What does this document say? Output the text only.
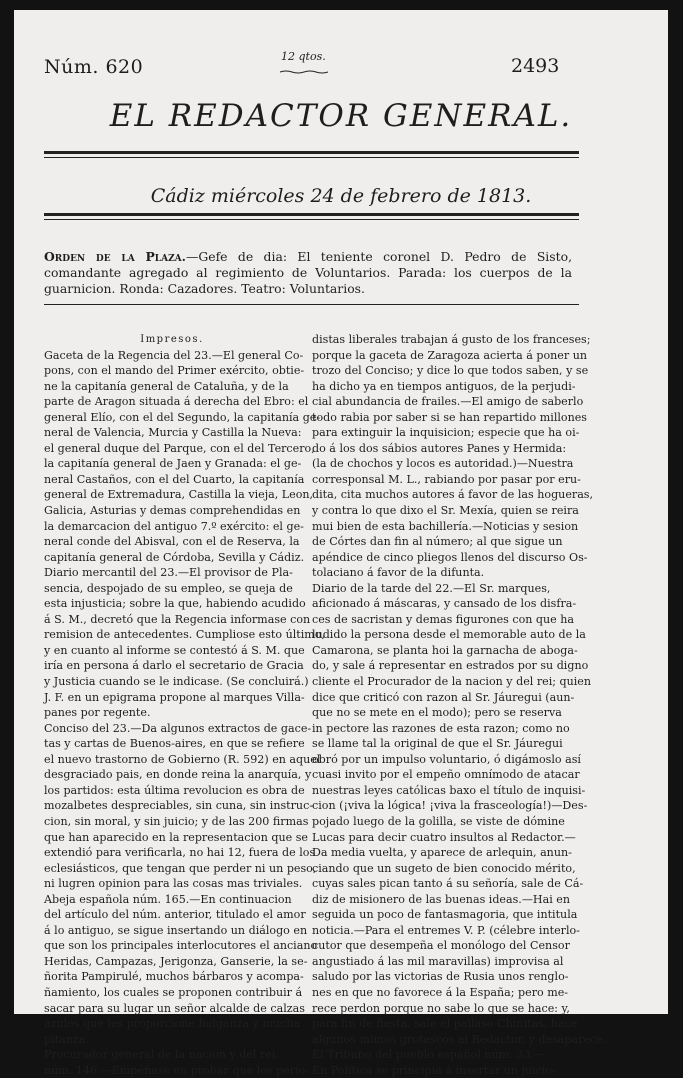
Núm. 620	12 qtos.	2493
EL REDACTOR GENERAL.
Cádiz miércoles 24 de febrero de 1813.
Orden de la Plaza.—Gefe de dia: El teniente coronel D. Pedro de Sisto, comandante agregado al regimiento de Voluntarios. Parada: los cuerpos de la guarnicion. Ronda: Cazadores. Teatro: Voluntarios.
Impresos.
Gaceta de la Regencia del 23.—El general Co-
pons, con el mando del Primer exército, obtie-
ne la capitanía general de Cataluña, y de la
parte de Aragon situada á derecha del Ebro: el
general Elío, con el del Segundo, la capitanía ge-
neral de Valencia, Murcia y Castilla la Nueva:
el general duque del Parque, con el del Tercero,
la capitanía general de Jaen y Granada: el ge-
neral Castaños, con el del Cuarto, la capitanía
general de Extremadura, Castilla la vieja, Leon,
Galicia, Asturias y demas comprehendidas en
la demarcacion del antiguo 7.º exército: el ge-
neral conde del Abisval, con el de Reserva, la
capitanía general de Córdoba, Sevilla y Cádiz.
Diario mercantil del 23.—El provisor de Pla-
sencia, despojado de su empleo, se queja de
esta injusticia; sobre la que, habiendo acudido
á S. M., decretó que la Regencia informase con
remision de antecedentes. Cumpliose esto último,
y en cuanto al informe se contestó á S. M. que
iría en persona á darlo el secretario de Gracia
y Justicia cuando se le indicase. (Se concluirá.)
J. F. en un epigrama propone al marques Villa-
panes por regente.
Conciso del 23.—Da algunos extractos de gace-
tas y cartas de Buenos-aires, en que se refiere
el nuevo trastorno de Gobierno (R. 592) en aquel
desgraciado pais, en donde reina la anarquía, y
los partidos: esta última revolucion es obra de
mozalbetes despreciables, sin cuna, sin instruc-
cion, sin moral, y sin juicio; y de las 200 firmas
que han aparecido en la representacion que se
extendió para verificarla, no hai 12, fuera de los
eclesiásticos, que tengan que perder ni un peso,
ni lugren opinion para las cosas mas triviales.
Abeja española núm. 165.—En continuacion
del artículo del núm. anterior, titulado el amor
á lo antiguo, se sigue insertando un diálogo en
que son los principales interlocutores el anciano
Heridas, Campazas, Jerigonza, Ganserie, la se-
ñorita Pampirulé, muchos bárbaros y acompa-
ñamiento, los cuales se proponen contribuir á
sacar para su lugar un señor alcalde de calzas
azules que les proporcione holganza y mucha
pitanza.
Procurador general de la nacion y del rei,
núm. 146.—Empéñase en probar que los perio-
distas liberales trabajan á gusto de los franceses;
porque la gaceta de Zaragoza acierta á poner un
trozo del Conciso; y dice lo que todos saben, y se
ha dicho ya en tiempos antiguos, de la perjudi-
cial abundancia de frailes.—El amigo de saberlo
todo rabia por saber si se han repartido millones
para extinguir la inquisicion; especie que ha oi-
do á los dos sábios autores Panes y Hermida:
(la de chochos y locos es autoridad.)—Nuestra
corresponsal M. L., rabiando por pasar por eru-
dita, cita muchos autores á favor de las hogueras,
y contra lo que dixo el Sr. Mexía, quien se reira
mui bien de esta bachillería.—Noticias y sesion
de Córtes dan fin al número; al que sigue un
apéndice de cinco pliegos llenos del discurso Os-
tolaciano á favor de la difunta.
Diario de la tarde del 22.—El Sr. marques,
aficionado á máscaras, y cansado de los disfra-
ces de sacristan y demas figurones con que ha
ludido la persona desde el memorable auto de la
Camarona, se planta hoi la garnacha de aboga-
do, y sale á representar en estrados por su digno
cliente el Procurador de la nacion y del rei; quien
dice que criticó con razon al Sr. Jáuregui (aun-
que no se mete en el modo); pero se reserva
in pectore las razones de esta razon; como no
se llame tal la original de que el Sr. Jáuregui
obró por un impulso voluntario, ó digámoslo así
cuasi invito por el empeño omnímodo de atacar
nuestras leyes católicas baxo el título de inquisi-
cion (¡viva la lógica! ¡viva la frasceología!)—Des-
pojado luego de la golilla, se viste de dómine
Lucas para decir cuatro insultos al Redactor.—
Da media vuelta, y aparece de arlequin, anun-
ciando que un sugeto de bien conocido mérito,
cuyas sales pican tanto á su señoría, sale de Cá-
diz de misionero de las buenas ideas.—Hai en
seguida un poco de fantasmagoria, que intitula
noticia.—Para el entremes V. P. (célebre interlo-
cutor que desempeña el monólogo del Censor
angustiado á las mil maravillas) improvisa al
saludo por las victorias de Rusia unos renglo-
nes en que no favorece á la España; pero me-
rece perdon porque no sabe lo que se hace: y,
para fin de fiesta, sale el pallaso Chinitas, hace
algunos mimos grotescos al Redactor, y desaparece.
El Tribuno del pueblo español núm. 33.—
En Política se principia á insertar un juicio-
